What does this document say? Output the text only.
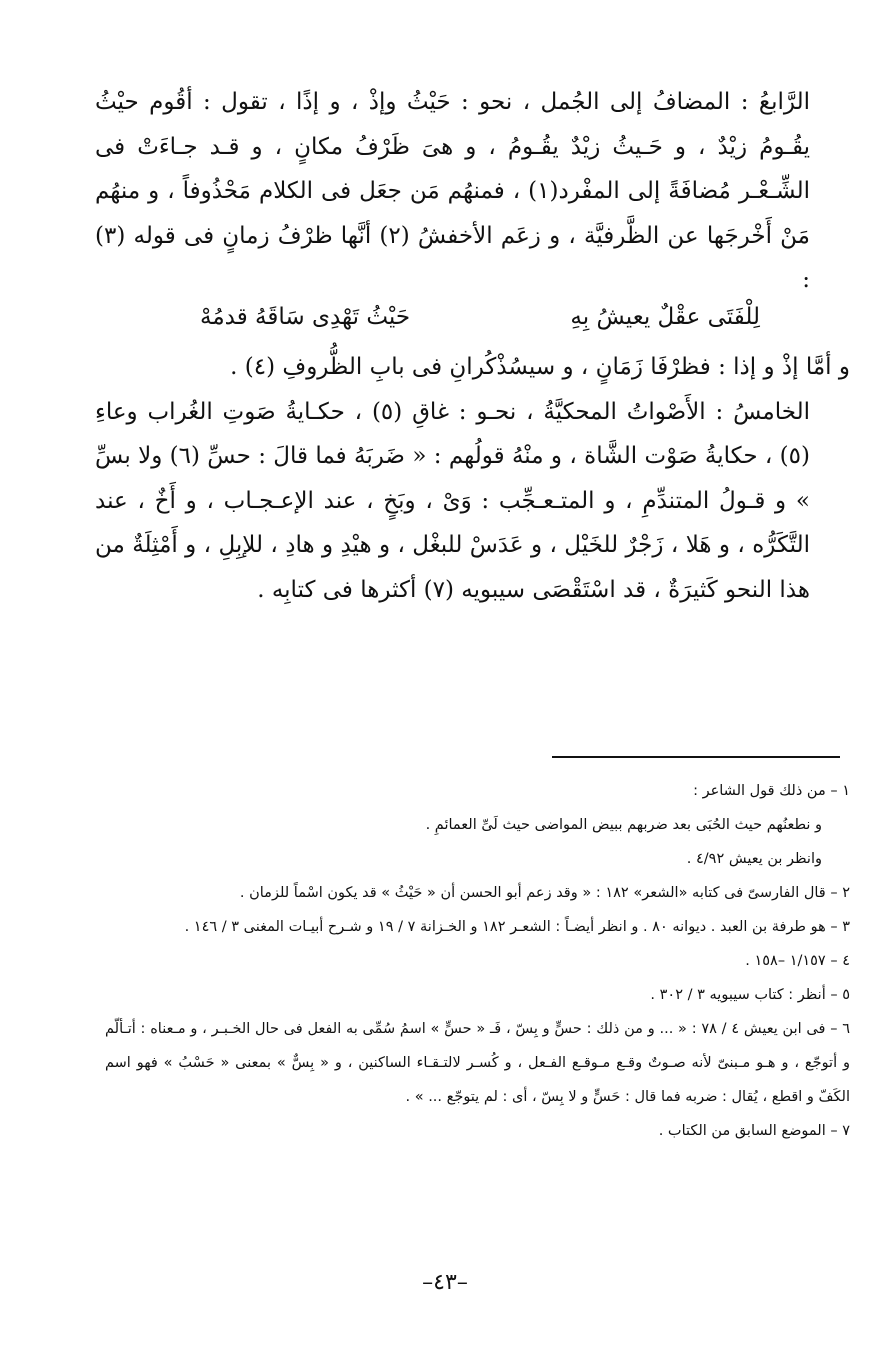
الرَّابعُ : المضافُ إلى الجُمل ، نحو : حَيْثُ وإذْ ، و إذًا ، تقول : أقُوم حيْثُ يقُـومُ زيْدٌ ، و حَـيثُ زيْدٌ يقُـومُ ، و هىَ ظَرْفُ مكانٍ ، و قـد جـاءَتْ فى الشِّـعْـر مُضافَةً إلى المفْرد(١) ، فمنهُم مَن جعَل فى الكلام مَحْذُوفاً ، و منهُم مَنْ أَخْرجَها عن الظَّرفيَّة ، و زعَم الأخفشُ (٢) أنَّها ظرْفُ زمانٍ فى قوله (٣) :

لِلْفَتَى عقْلٌ يعيشُ بِهِ
حَيْثُ تَهْدِى سَاقَهُ قدمُهْ

و أمَّا إذْ و إذا : فظرْفَا زَمَانٍ ، و سيسُذْكُرانِ فى بابِ الظُّروفِ (٤) .

الخامسُ : الأَصْواتُ المحكيَّةُ ، نحـو : غاقِ (٥) ، حكـايةُ صَوتِ الغُراب وعاءِ (٥) ، حكايةُ صَوْت الشَّاة ، و منْهُ قولُهم : « ضَربَهُ فما قالَ : حسِّ (٦) ولا بسِّ » و قـولُ المتندِّمِ ، و المتـعـجِّب : وَىْ ، وبَخٍ ، عند الإعـجـاب ، و أَخٌ ، عند التَّكَرُّه ، و هَلا ، زَجْرٌ للخَيْل ، و عَدَسْ للبغْل ، و هيْدِ و هادِ ، للإبِلِ ، و أَمْثِلَةٌ من هذا النحو كَثيرَةٌ ، قد اسْتَقْصَى سيبويه (٧) أكثرها فى كتابِه .

١ – من ذلك قول الشاعر :

و نطعنُهم حيث الحُبَى بعد ضربهم ببيض المواضى حيث لَىِّ العمائمِ .

وانظر بن يعيش ٤/٩٢ .

٢ – قال الفارسىّ فى كتابه «الشعر» ١٨٢ : « وقد زعم أبو الحسن أن « حَيْثُ » قد يكون اسْماً للزمان .

٣ – هو طرفة بن العبد . ديوانه ٨٠ . و انظر أيضـاً : الشعـر ١٨٢ و الخـزانة ٧ / ١٩ و شـرح أبيـات المغنى ٣ / ١٤٦ .

٤ – ١/١٥٧ –١٥٨ .

٥ – أنظر : كتاب سيبويه ٣ / ٣٠٢ .

٦ – فى ابن يعيش ٤ / ٧٨ : « ... و من ذلك : حسٍّ و بِسّ ، فَـ « حسٍّ » اسمُ سُمِّى به الفعل فى حال الخـبـر ، و مـعناه : أتـألّم و أتوجّع ، و هـو مـبنىّ لأنه صـوتٌ وقـع مـوقـع الفـعل ، و كُسـر لالتـقـاء الساكنين ، و « بِسٌّ » بمعنى « حَسْبُ » فهو اسم الكَفّ و اقطع ، يُقال : ضربه فما قال : حَسٍّ و لا بِسّ ، أى : لم يتوجّع ... » .

٧ – الموضع السابق من الكتاب .

–٤٣–
